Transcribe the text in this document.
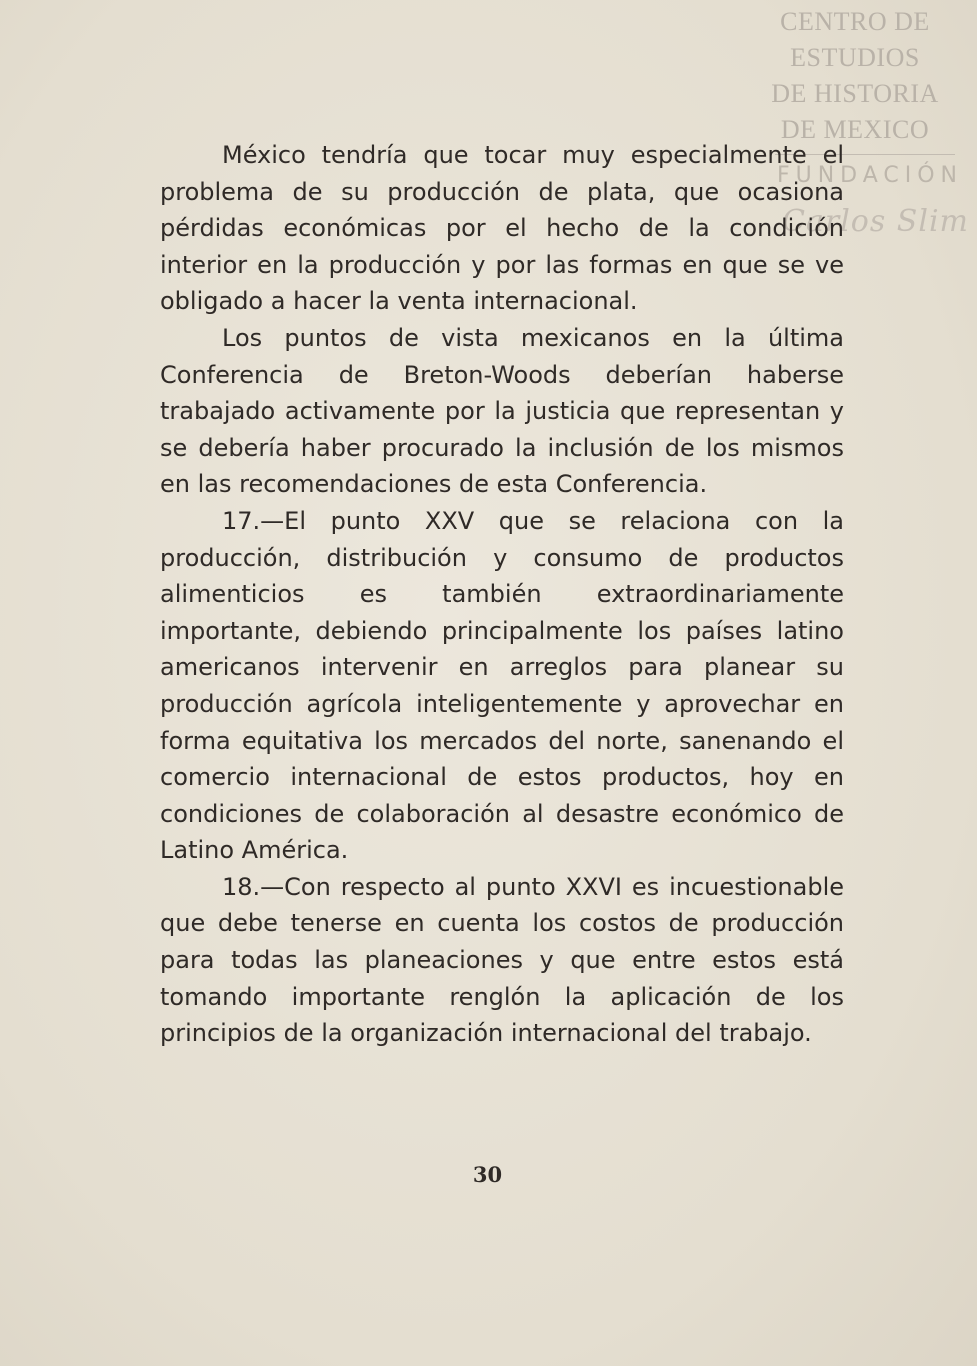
CENTRO DE
ESTUDIOS
DE HISTORIA
DE MEXICO
FUNDACIÓN
Carlos Slim

México tendría que tocar muy especialmente el problema de su producción de plata, que ocasiona pérdidas económicas por el hecho de la condición interior en la producción y por las formas en que se ve obligado a hacer la venta internacional.

Los puntos de vista mexicanos en la última Conferencia de Breton-Woods deberían haberse trabajado activamente por la justicia que representan y se debería haber procurado la inclusión de los mismos en las recomendaciones de esta Conferencia.

17.—El punto XXV que se relaciona con la producción, distribución y consumo de productos alimenticios es también extraordinariamente importante, debiendo principalmente los países latino americanos intervenir en arreglos para planear su producción agrícola inteligentemente y aprovechar en forma equitativa los mercados del norte, sanenando el comercio internacional de estos productos, hoy en condiciones de colaboración al desastre económico de Latino América.

18.—Con respecto al punto XXVI es incuestionable que debe tenerse en cuenta los costos de producción para todas las planeaciones y que entre estos está tomando importante renglón la aplicación de los principios de la organización internacional del trabajo.

30
